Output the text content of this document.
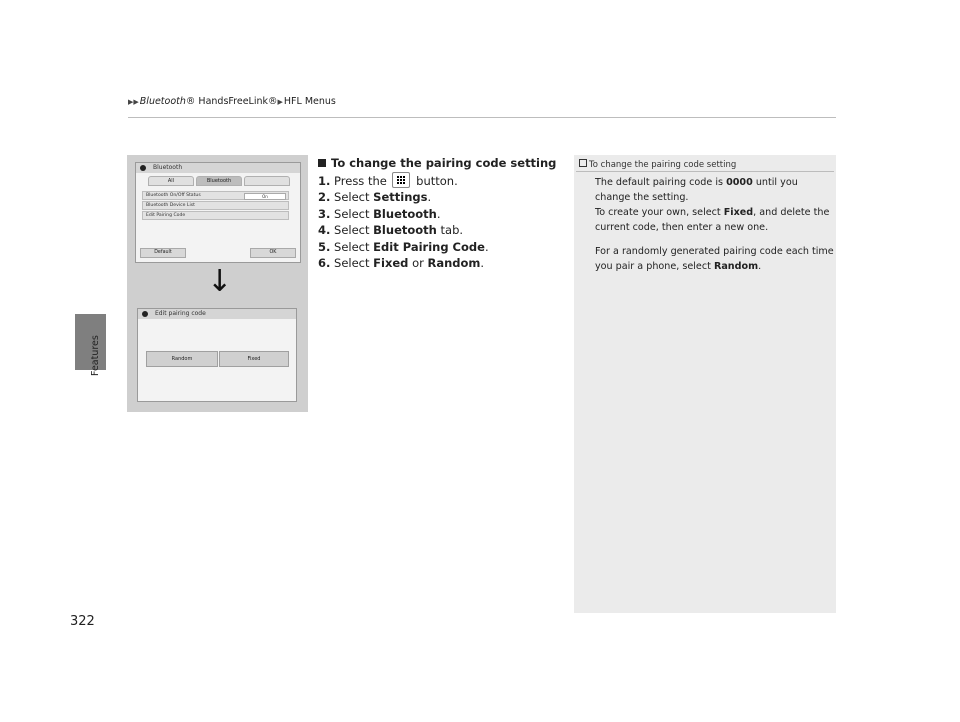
▶▶Bluetooth® HandsFreeLink®▶HFL Menus
Features
322
Bluetooth
All	Bluetooth
Bluetooth On/Off Status	On
Bluetooth Device List
Edit Pairing Code
Default	OK
↓
Edit pairing code
Random	Fixed
To change the pairing code setting
1. Press the	button.
2. Select Settings.
3. Select Bluetooth.
4. Select Bluetooth tab.
5. Select Edit Pairing Code.
6. Select Fixed or Random.
To change the pairing code setting

The default pairing code is 0000 until you change the setting.

To create your own, select Fixed, and delete the current code, then enter a new one.

For a randomly generated pairing code each time you pair a phone, select Random.
